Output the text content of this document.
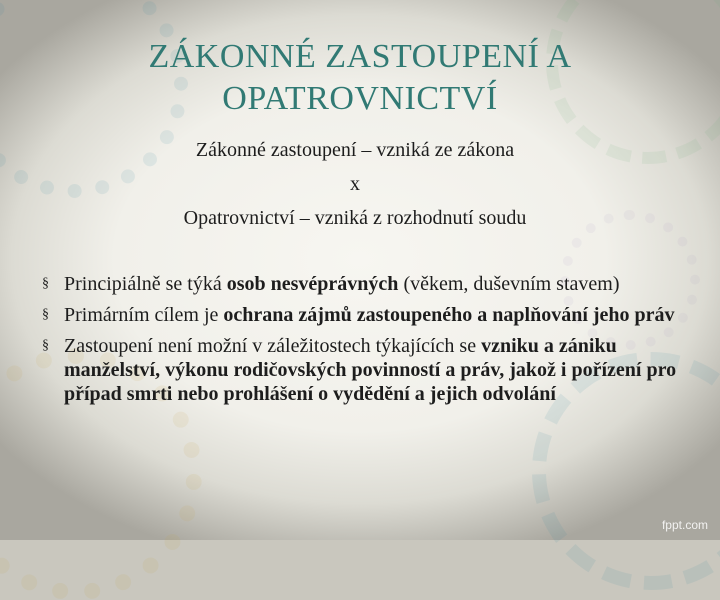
ZÁKONNÉ ZASTOUPENÍ A
OPATROVNICTVÍ
Zákonné zastoupení – vzniká ze zákona
x
Opatrovnictví – vzniká z rozhodnutí soudu
§ Principiálně se týká osob nesvéprávných (věkem, duševním stavem)
§ Primárním cílem je ochrana zájmů zastoupeného a naplňování jeho práv
§ Zastoupení není možní v záležitostech týkajících se vzniku a zániku manželství, výkonu rodičovských povinností a práv, jakož i pořízení pro případ smrti nebo prohlášení o vydědění a jejich odvolání
fppt.com
